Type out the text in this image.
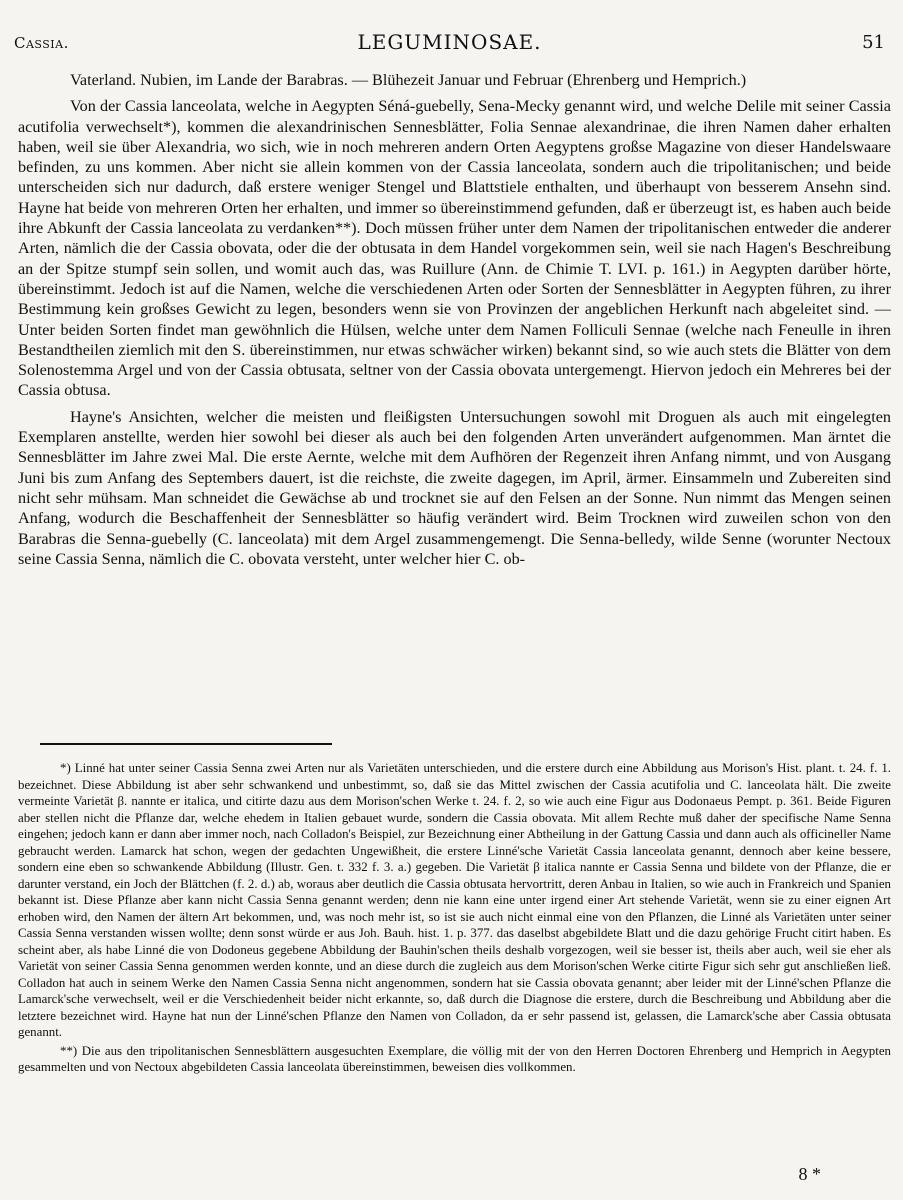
Cassia.	LEGUMINOSAE.	51

Vaterland. Nubien, im Lande der Barabras. — Blühezeit Januar und Februar (Ehrenberg und Hemprich.)

Von der Cassia lanceolata, welche in Aegypten Séná-guebelly, Sena-Mecky genannt wird, und welche Delile mit seiner Cassia acutifolia verwechselt*), kommen die alexandrinischen Sennesblätter, Folia Sennae alexandrinae, die ihren Namen daher erhalten haben, weil sie über Alexandria, wo sich, wie in noch mehreren andern Orten Aegyptens großse Magazine von dieser Handelswaare befinden, zu uns kommen. Aber nicht sie allein kommen von der Cassia lanceolata, sondern auch die tripolitanischen; und beide unterscheiden sich nur dadurch, daß erstere weniger Stengel und Blattstiele enthalten, und überhaupt von besserem Ansehn sind. Hayne hat beide von mehreren Orten her erhalten, und immer so übereinstimmend gefunden, daß er überzeugt ist, es haben auch beide ihre Abkunft der Cassia lanceolata zu verdanken**). Doch müssen früher unter dem Namen der tripolitanischen entweder die anderer Arten, nämlich die der Cassia obovata, oder die der obtusata in dem Handel vorgekommen sein, weil sie nach Hagen's Beschreibung an der Spitze stumpf sein sollen, und womit auch das, was Ruillure (Ann. de Chimie T. LVI. p. 161.) in Aegypten darüber hörte, übereinstimmt. Jedoch ist auf die Namen, welche die verschiedenen Arten oder Sorten der Sennesblätter in Aegypten führen, zu ihrer Bestimmung kein großses Gewicht zu legen, besonders wenn sie von Provinzen der angeblichen Herkunft nach abgeleitet sind. — Unter beiden Sorten findet man gewöhnlich die Hülsen, welche unter dem Namen Folliculi Sennae (welche nach Feneulle in ihren Bestandtheilen ziemlich mit den S. übereinstimmen, nur etwas schwächer wirken) bekannt sind, so wie auch stets die Blätter von dem Solenostemma Argel und von der Cassia obtusata, seltner von der Cassia obovata untergemengt. Hiervon jedoch ein Mehreres bei der Cassia obtusa.

Hayne's Ansichten, welcher die meisten und fleißigsten Untersuchungen sowohl mit Droguen als auch mit eingelegten Exemplaren anstellte, werden hier sowohl bei dieser als auch bei den folgenden Arten unverändert aufgenommen. Man ärntet die Sennesblätter im Jahre zwei Mal. Die erste Aernte, welche mit dem Aufhören der Regenzeit ihren Anfang nimmt, und von Ausgang Juni bis zum Anfang des Septembers dauert, ist die reichste, die zweite dagegen, im April, ärmer. Einsammeln und Zubereiten sind nicht sehr mühsam. Man schneidet die Gewächse ab und trocknet sie auf den Felsen an der Sonne. Nun nimmt das Mengen seinen Anfang, wodurch die Beschaffenheit der Sennesblätter so häufig verändert wird. Beim Trocknen wird zuweilen schon von den Barabras die Senna-guebelly (C. lanceolata) mit dem Argel zusammengemengt. Die Senna-belledy, wilde Senne (worunter Nectoux seine Cassia Senna, nämlich die C. obovata versteht, unter welcher hier C. ob-

*) Linné hat unter seiner Cassia Senna zwei Arten nur als Varietäten unterschieden, und die erstere durch eine Abbildung aus Morison's Hist. plant. t. 24. f. 1. bezeichnet. Diese Abbildung ist aber sehr schwankend und unbestimmt, so, daß sie das Mittel zwischen der Cassia acutifolia und C. lanceolata hält. Die zweite vermeinte Varietät β. nannte er italica, und citirte dazu aus dem Morison'schen Werke t. 24. f. 2, so wie auch eine Figur aus Dodonaeus Pempt. p. 361. Beide Figuren aber stellen nicht die Pflanze dar, welche ehedem in Italien gebauet wurde, sondern die Cassia obovata. Mit allem Rechte muß daher der specifische Name Senna eingehen; jedoch kann er dann aber immer noch, nach Colladon's Beispiel, zur Bezeichnung einer Abtheilung in der Gattung Cassia und dann auch als officineller Name gebraucht werden. Lamarck hat schon, wegen der gedachten Ungewißheit, die erstere Linné'sche Varietät Cassia lanceolata genannt, dennoch aber keine bessere, sondern eine eben so schwankende Abbildung (Illustr. Gen. t. 332 f. 3. a.) gegeben. Die Varietät β italica nannte er Cassia Senna und bildete von der Pflanze, die er darunter verstand, ein Joch der Blättchen (f. 2. d.) ab, woraus aber deutlich die Cassia obtusata hervortritt, deren Anbau in Italien, so wie auch in Frankreich und Spanien bekannt ist. Diese Pflanze aber kann nicht Cassia Senna genannt werden; denn nie kann eine unter irgend einer Art stehende Varietät, wenn sie zu einer eignen Art erhoben wird, den Namen der ältern Art bekommen, und, was noch mehr ist, so ist sie auch nicht einmal eine von den Pflanzen, die Linné als Varietäten unter seiner Cassia Senna verstanden wissen wollte; denn sonst würde er aus Joh. Bauh. hist. 1. p. 377. das daselbst abgebildete Blatt und die dazu gehörige Frucht citirt haben. Es scheint aber, als habe Linné die von Dodoneus gegebene Abbildung der Bauhin'schen theils deshalb vorgezogen, weil sie besser ist, theils aber auch, weil sie eher als Varietät von seiner Cassia Senna genommen werden konnte, und an diese durch die zugleich aus dem Morison'schen Werke citirte Figur sich sehr gut anschließen ließ. Colladon hat auch in seinem Werke den Namen Cassia Senna nicht angenommen, sondern hat sie Cassia obovata genannt; aber leider mit der Linné'schen Pflanze die Lamarck'sche verwechselt, weil er die Verschiedenheit beider nicht erkannte, so, daß durch die Diagnose die erstere, durch die Beschreibung und Abbildung aber die letztere bezeichnet wird. Hayne hat nun der Linné'schen Pflanze den Namen von Colladon, da er sehr passend ist, gelassen, die Lamarck'sche aber Cassia obtusata genannt.

**) Die aus den tripolitanischen Sennesblättern ausgesuchten Exemplare, die völlig mit der von den Herren Doctoren Ehrenberg und Hemprich in Aegypten gesammelten und von Nectoux abgebildeten Cassia lanceolata übereinstimmen, beweisen dies vollkommen.

8 *
